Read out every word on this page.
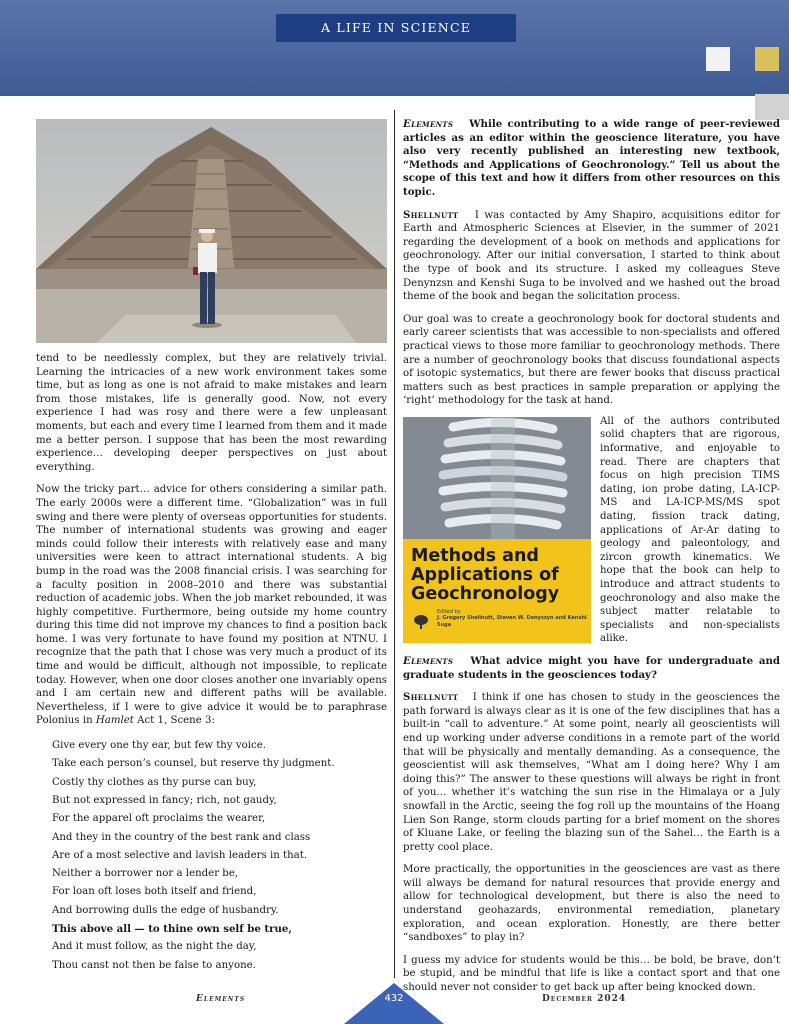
A LIFE IN SCIENCE

tend to be needlessly complex, but they are relatively trivial. Learning the intricacies of a new work environment takes some time, but as long as one is not afraid to make mistakes and learn from those mistakes, life is generally good. Now, not every experience I had was rosy and there were a few unpleasant moments, but each and every time I learned from them and it made me a better person. I suppose that has been the most rewarding experience… developing deeper perspectives on just about everything.

Now the tricky part… advice for others considering a similar path. The early 2000s were a different time. “Globalization” was in full swing and there were plenty of overseas opportunities for students. The number of international students was growing and eager minds could follow their interests with relatively ease and many universities were keen to attract international students. A big bump in the road was the 2008 financial crisis. I was searching for a faculty position in 2008–2010 and there was substantial reduction of academic jobs. When the job market rebounded, it was highly competitive. Furthermore, being outside my home country during this time did not improve my chances to find a position back home. I was very fortunate to have found my position at NTNU. I recognize that the path that I chose was very much a product of its time and would be difficult, although not impossible, to replicate today. However, when one door closes another one invariably opens and I am certain new and different paths will be available. Nevertheless, if I were to give advice it would be to paraphrase Polonius in Hamlet Act 1, Scene 3:

Give every one thy ear, but few thy voice.
Take each person’s counsel, but reserve thy judgment.
Costly thy clothes as thy purse can buy,
But not expressed in fancy; rich, not gaudy,
For the apparel oft proclaims the wearer,
And they in the country of the best rank and class
Are of a most selective and lavish leaders in that.
Neither a borrower nor a lender be,
For loan oft loses both itself and friend,
And borrowing dulls the edge of husbandry.
This above all — to thine own self be true,
And it must follow, as the night the day,
Thou canst not then be false to anyone.

Elements While contributing to a wide range of peer-reviewed articles as an editor within the geoscience literature, you have also very recently published an interesting new textbook, “Methods and Applications of Geochronology.” Tell us about the scope of this text and how it differs from other resources on this topic.

Shellnutt I was contacted by Amy Shapiro, acquisitions editor for Earth and Atmospheric Sciences at Elsevier, in the summer of 2021 regarding the development of a book on methods and applications for geochronology. After our initial conversation, I started to think about the type of book and its structure. I asked my colleagues Steve Denynzsn and Kenshi Suga to be involved and we hashed out the broad theme of the book and began the solicitation process.

Our goal was to create a geochronology book for doctoral students and early career scientists that was accessible to non-specialists and offered practical views to those more familiar to geochronology methods. There are a number of geochronology books that discuss foundational aspects of isotopic systematics, but there are fewer books that discuss practical matters such as best practices in sample preparation or applying the ‘right’ methodology for the task at hand.

Methods and
Applications of
Geochronology
Edited by
J. Gregory Shellnutt, Steven W. Denyszyn and Kenshi Suga

All of the authors contributed solid chapters that are rigorous, informative, and enjoyable to read. There are chapters that focus on high precision TIMS dating, ion probe dating, LA-ICP-MS and LA-ICP-MS/MS spot dating, fission track dating, applications of Ar-Ar dating to geology and paleontology, and zircon growth kinematics. We hope that the book can help to introduce and attract students to geochronology and also make the subject matter relatable to specialists and non-specialists alike.

Elements What advice might you have for undergraduate and graduate students in the geosciences today?

Shellnutt I think if one has chosen to study in the geosciences the path forward is always clear as it is one of the few disciplines that has a built-in “call to adventure.” At some point, nearly all geoscientists will end up working under adverse conditions in a remote part of the world that will be physically and mentally demanding. As a consequence, the geoscientist will ask themselves, “What am I doing here? Why I am doing this?” The answer to these questions will always be right in front of you… whether it’s watching the sun rise in the Himalaya or a July snowfall in the Arctic, seeing the fog roll up the mountains of the Hoang Lien Son Range, storm clouds parting for a brief moment on the shores of Kluane Lake, or feeling the blazing sun of the Sahel… the Earth is a pretty cool place.

More practically, the opportunities in the geosciences are vast as there will always be demand for natural resources that provide energy and allow for technological development, but there is also the need to understand geohazards, environmental remediation, planetary exploration, and ocean exploration. Honestly, are there better “sandboxes” to play in?

I guess my advice for students would be this… be bold, be brave, don’t be stupid, and be mindful that life is like a contact sport and that one should never not consider to get back up after being knocked down.

Elements	432	December 2024
